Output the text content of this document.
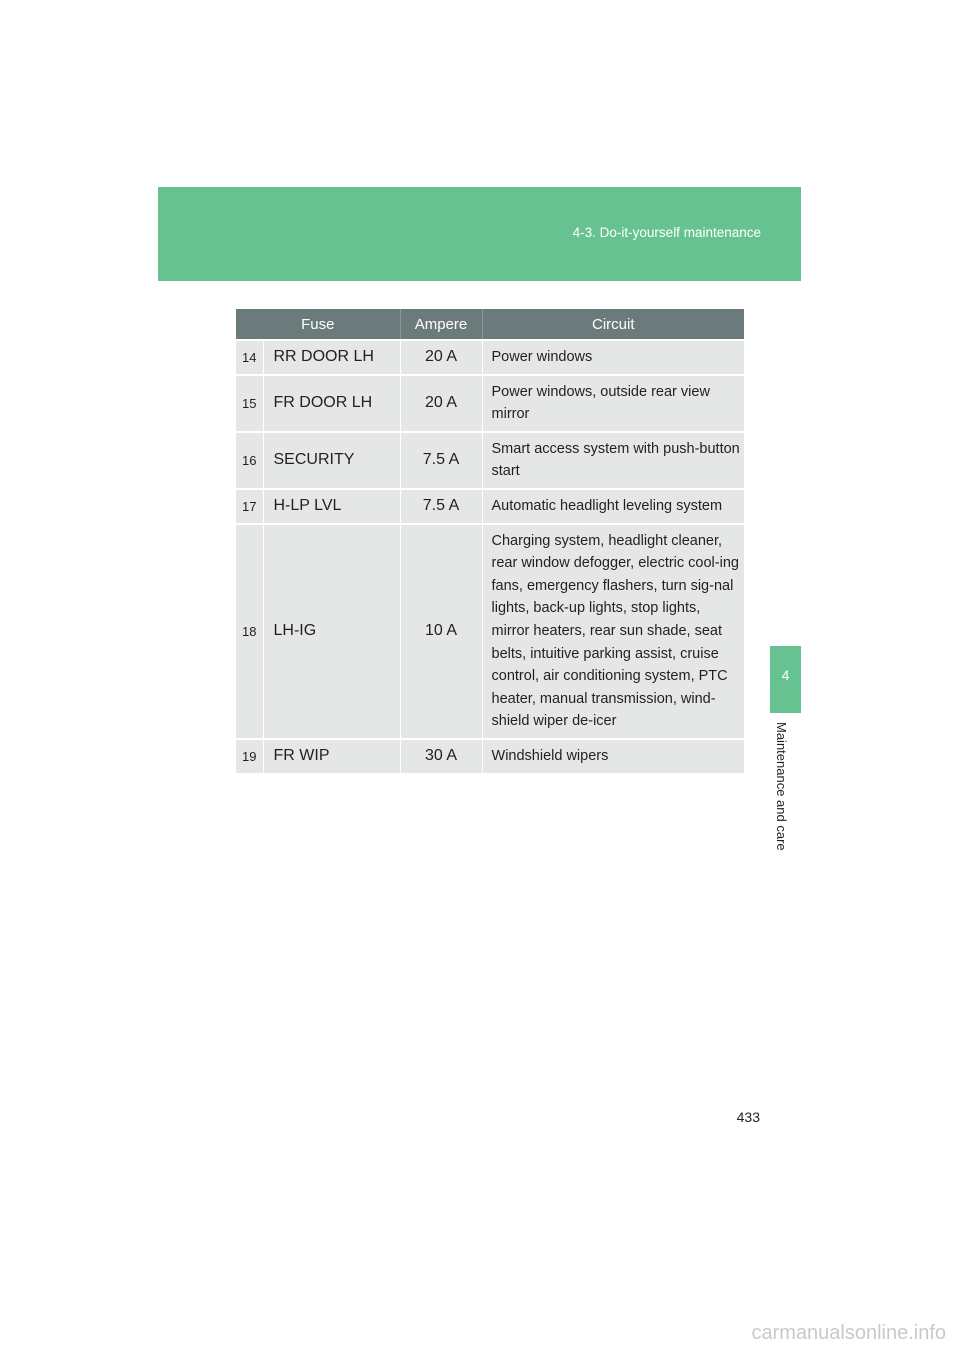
4-3. Do-it-yourself maintenance
4
Maintenance and care
Fuse		Ampere	Circuit
14	RR DOOR LH	20 A	Power windows
15	FR DOOR LH	20 A	Power windows, outside rear view mirror
16	SECURITY	7.5 A	Smart access system with push-button start
17	H-LP LVL	7.5 A	Automatic headlight leveling system
18	LH-IG	10 A	Charging system, headlight cleaner, rear window defogger, electric cool-ing fans, emergency flashers, turn sig-nal lights, back-up lights, stop lights, mirror heaters, rear sun shade, seat belts, intuitive parking assist, cruise control, air conditioning system, PTC heater, manual transmission, wind-shield wiper de-icer
19	FR WIP	30 A	Windshield wipers
433
carmanualsonline.info
